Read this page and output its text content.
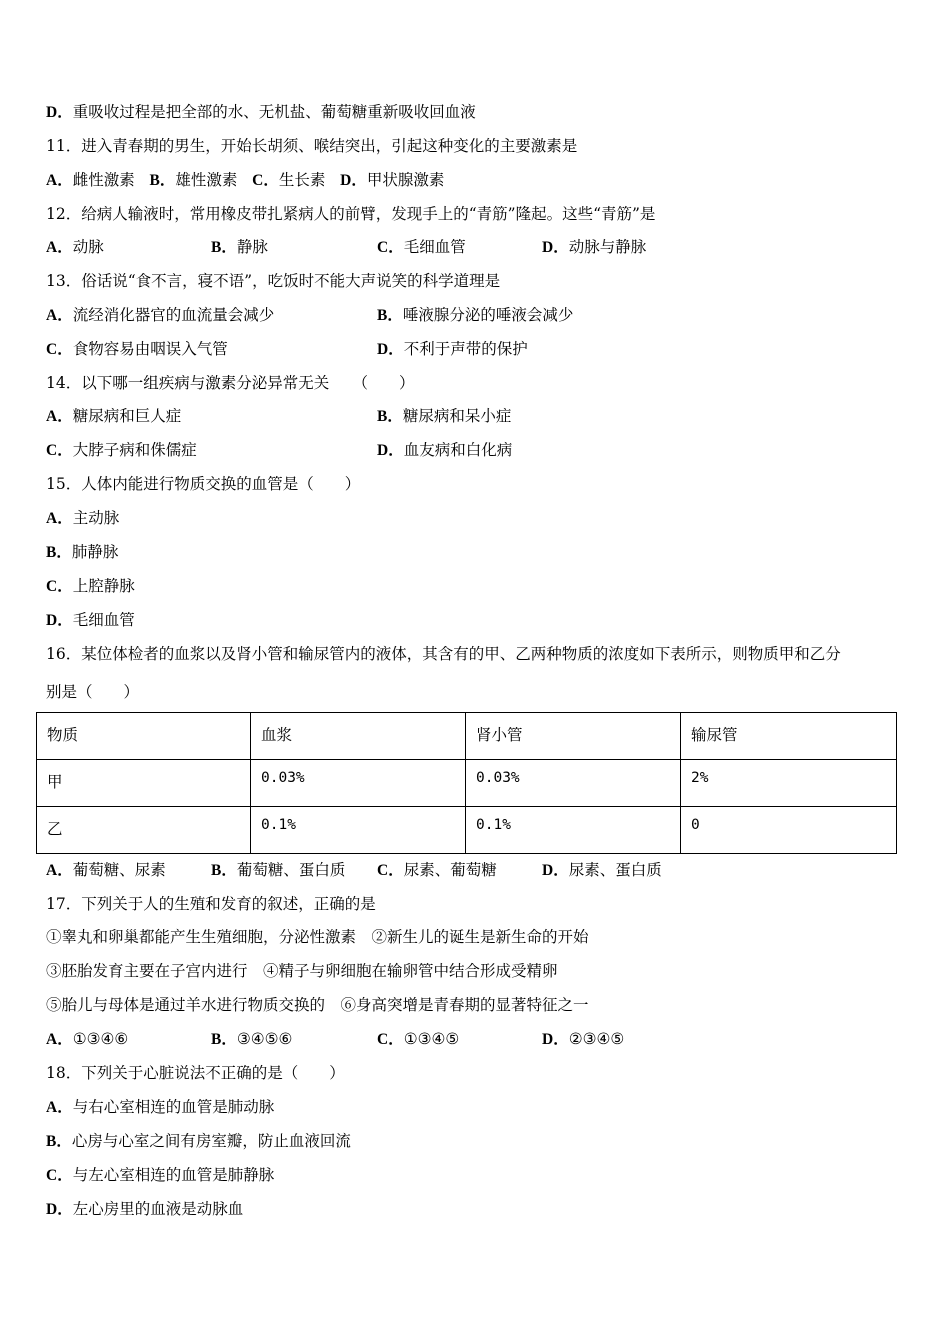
D．重吸收过程是把全部的水、无机盐、葡萄糖重新吸收回血液
11．进入青春期的男生，开始长胡须、喉结突出，引起这种变化的主要激素是
A．雌性激素 B．雄性激素 C．生长素 D．甲状腺激素
12．给病人输液时，常用橡皮带扎紧病人的前臂，发现手上的“青筋”隆起。这些“青筋”是
A．动脉	B．静脉	C．毛细血管	D．动脉与静脉
13．俗话说“食不言，寝不语”，吃饭时不能大声说笑的科学道理是
A．流经消化器官的血流量会减少	B．唾液腺分泌的唾液会减少
C．食物容易由咽误入气管	D．不利于声带的保护
14．以下哪一组疾病与激素分泌异常无关　　（　　）
A．糖尿病和巨人症	B．糖尿病和呆小症
C．大脖子病和侏儒症	D．血友病和白化病
15．人体内能进行物质交换的血管是（　　）
A．主动脉
B．肺静脉
C．上腔静脉
D．毛细血管
16．某位体检者的血浆以及肾小管和输尿管内的液体，其含有的甲、乙两种物质的浓度如下表所示，则物质甲和乙分
别是（　　）
物质	血浆	肾小管	输尿管
甲	0.03%	0.03%	2%
乙	0.1%	0.1%	0
A．葡萄糖、尿素	B．葡萄糖、蛋白质 C．尿素、葡萄糖	D．尿素、蛋白质
17．下列关于人的生殖和发育的叙述，正确的是
①睾丸和卵巢都能产生生殖细胞，分泌性激素　②新生儿的诞生是新生命的开始
③胚胎发育主要在子宫内进行　④精子与卵细胞在输卵管中结合形成受精卵
⑤胎儿与母体是通过羊水进行物质交换的　⑥身高突增是青春期的显著特征之一
A．①③④⑥	B．③④⑤⑥	C．①③④⑤	D．②③④⑤
18．下列关于心脏说法不正确的是（　　）
A．与右心室相连的血管是肺动脉
B．心房与心室之间有房室瓣，防止血液回流
C．与左心室相连的血管是肺静脉
D．左心房里的血液是动脉血
